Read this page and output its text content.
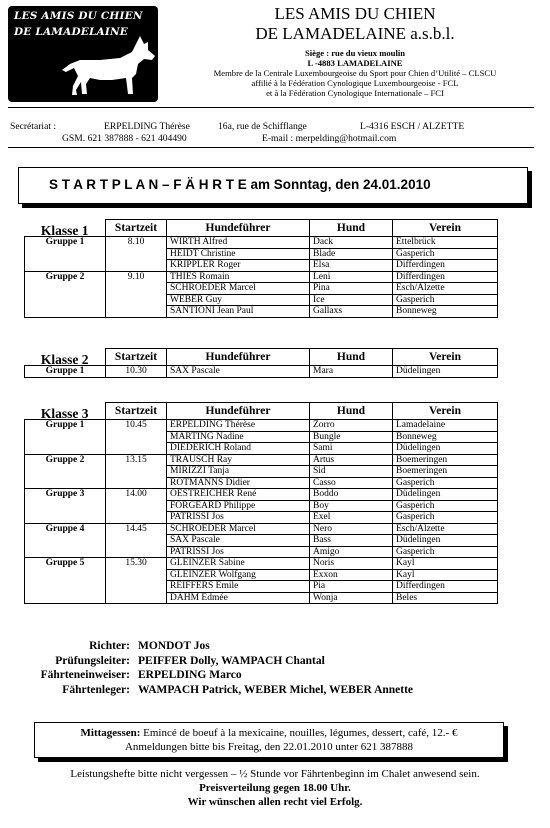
LES AMIS DU CHIEN
DE LAMADELAINE
LES AMIS DU CHIEN
DE LAMADELAINE a.s.b.l.
Siège : rue du vieux moulin
L -4883 LAMADELAINE
Membre de la Centrale Luxembourgeoise du Sport pour Chien d’Utilité – CLSCU
affilié à la Fédération Cynologique Luxembourgeoise - FCL
et à la Fédération Cynologique Internationale – FCI
Secrétariat :	ERPELDING Thérèse	16a, rue de Schifflange	L-4316 ESCH / ALZETTE
GSM. 621 387888 - 621 404490	E-mail : merpelding@hotmail.com
S T A R T P L A N – F Ä H R T E am Sonntag, den 24.01.2010
Klasse 1	Startzeit	Hundeführer	Hund	Verein
Gruppe 1	8.10	WIRTH Alfred	Dack	Ettelbrück
		HEIDT Christine	Blade	Gasperich
		KRIPPLER Roger	Elsa	Differdingen
Gruppe 2	9.10	THIES Romain	Leni	Differdingen
		SCHROEDER Marcel	Pina	Esch/Alzette
		WEBER Guy	Ice	Gasperich
		SANTIONI Jean Paul	Gallaxs	Bonneweg
Klasse 2	Startzeit	Hundeführer	Hund	Verein
Gruppe 1	10.30	SAX Pascale	Mara	Düdelingen
Klasse 3	Startzeit	Hundeführer	Hund	Verein
Gruppe 1	10.45	ERPELDING Thérèse	Zorro	Lamadelaine
		MARTING Nadine	Bungle	Bonneweg
		DIEDERICH Roland	Sami	Düdelingen
Gruppe 2	13.15	TRAUSCH Ray	Artus	Boemeringen
		MIRIZZI Tanja	Sid	Boemeringen
		ROTMANNS Didier	Casso	Gasperich
Gruppe 3	14.00	OESTREICHER René	Boddo	Düdelingen
		FORGEARD Philippe	Boy	Gasperich
		PATRISSI Jos	Exel	Gasperich
Gruppe 4	14.45	SCHROEDER Marcel	Nero	Esch/Alzette
		SAX Pascale	Bass	Düdelingen
		PATRISSI Jos	Amigo	Gasperich
Gruppe 5	15.30	GLEINZER Sabine	Noris	Kayl
		GLEINZER Wolfgang	Exxon	Kayl
		REIFFERS Emile	Pia	Differdingen
		DAHM Edmée	Wonja	Beles
Richter: MONDOT Jos
Prüfungsleiter: PEIFFER Dolly, WAMPACH Chantal
Fährteneinweiser: ERPELDING Marco
Fährtenleger: WAMPACH Patrick, WEBER Michel, WEBER Annette
Mittagessen: Emincé de boeuf à la mexicaine, nouilles, légumes, dessert, café, 12.- €
Anmeldungen bitte bis Freitag, den 22.01.2010 unter 621 387888
Leistungshefte bitte nicht vergessen – ½ Stunde vor Fährtenbeginn im Chalet anwesend sein.
Preisverteilung gegen 18.00 Uhr.
Wir wünschen allen recht viel Erfolg.
